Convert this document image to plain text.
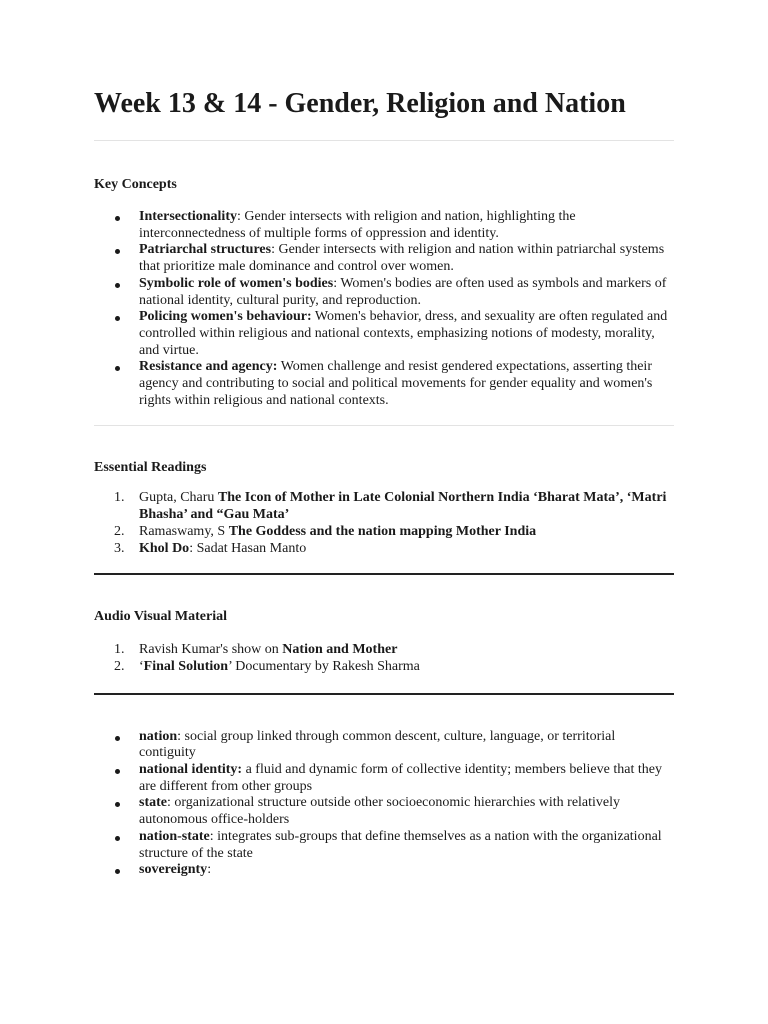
Week 13 & 14 - Gender, Religion and Nation
Key Concepts
Intersectionality: Gender intersects with religion and nation, highlighting the interconnectedness of multiple forms of oppression and identity.
Patriarchal structures: Gender intersects with religion and nation within patriarchal systems that prioritize male dominance and control over women.
Symbolic role of women's bodies: Women's bodies are often used as symbols and markers of national identity, cultural purity, and reproduction.
Policing women's behaviour: Women's behavior, dress, and sexuality are often regulated and controlled within religious and national contexts, emphasizing notions of modesty, morality, and virtue.
Resistance and agency: Women challenge and resist gendered expectations, asserting their agency and contributing to social and political movements for gender equality and women's rights within religious and national contexts.
Essential Readings
1.	Gupta, Charu The Icon of Mother in Late Colonial Northern India ‘Bharat Mata’, ‘Matri Bhasha’ and “Gau Mata’
2.	Ramaswamy, S The Goddess and the nation mapping Mother India
3.	Khol Do: Sadat Hasan Manto
Audio Visual Material
1.	Ravish Kumar's show on Nation and Mother
2.	‘Final Solution’ Documentary by Rakesh Sharma
nation: social group linked through common descent, culture, language, or territorial contiguity
national identity: a fluid and dynamic form of collective identity; members believe that they are different from other groups
state: organizational structure outside other socioeconomic hierarchies with relatively autonomous office-holders
nation-state: integrates sub-groups that define themselves as a nation with the organizational structure of the state
sovereignty:
